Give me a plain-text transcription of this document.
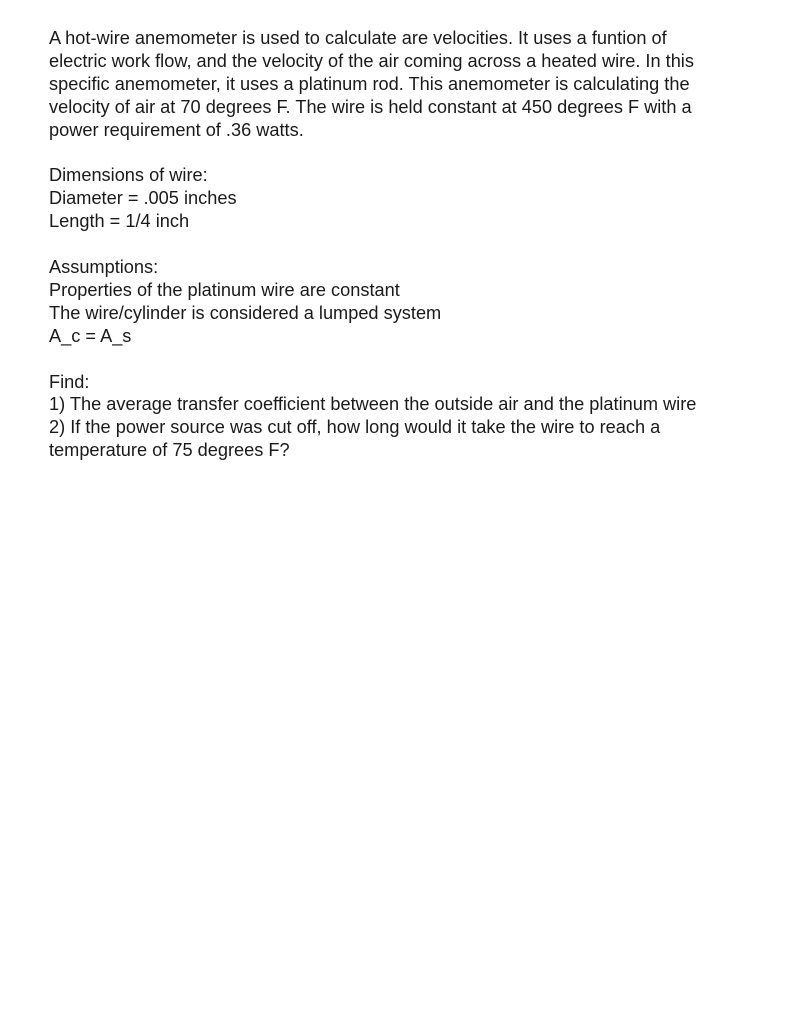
A hot-wire anemometer is used to calculate are velocities. It uses a funtion of
electric work flow, and the velocity of the air coming across a heated wire. In this
specific anemometer, it uses a platinum rod. This anemometer is calculating the
velocity of air at 70 degrees F. The wire is held constant at 450 degrees F with a
power requirement of .36 watts.
Dimensions of wire:
Diameter = .005 inches
Length = 1/4 inch
Assumptions:
Properties of the platinum wire are constant
The wire/cylinder is considered a lumped system
A_c = A_s
Find:
1) The average transfer coefficient between the outside air and the platinum wire
2) If the power source was cut off, how long would it take the wire to reach a
temperature of 75 degrees F?
